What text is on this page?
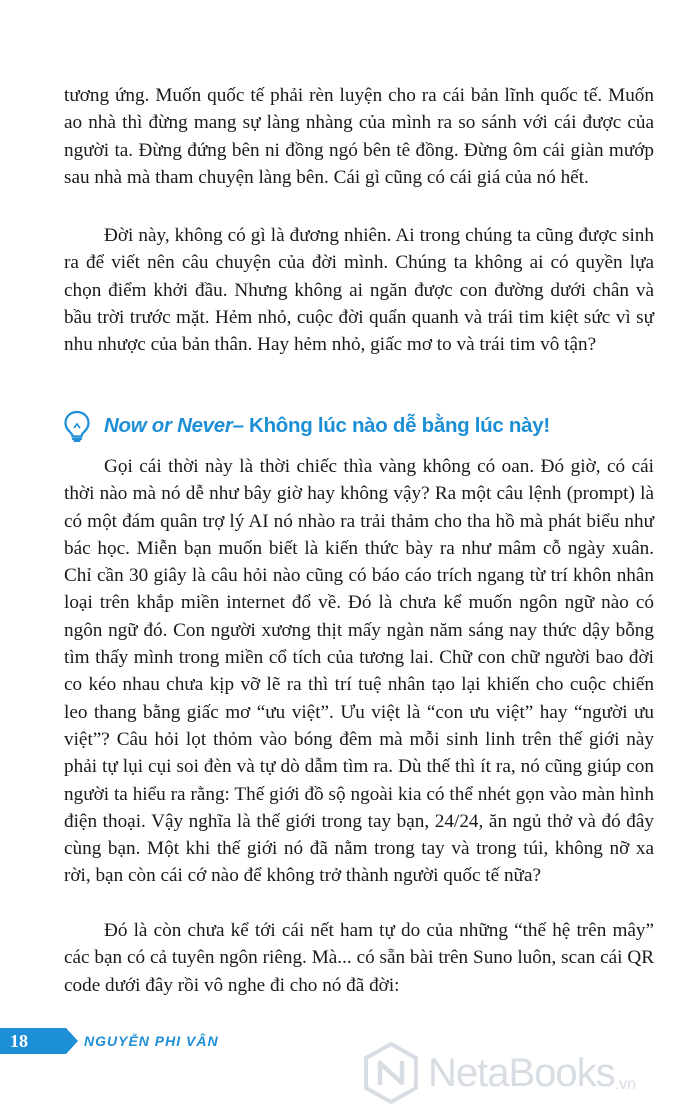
tương ứng. Muốn quốc tế phải rèn luyện cho ra cái bản lĩnh quốc tế. Muốn ao nhà thì đừng mang sự làng nhàng của mình ra so sánh với cái được của người ta. Đừng đứng bên ni đồng ngó bên tê đồng. Đừng ôm cái giàn mướp sau nhà mà tham chuyện làng bên. Cái gì cũng có cái giá của nó hết.

Đời này, không có gì là đương nhiên. Ai trong chúng ta cũng được sinh ra để viết nên câu chuyện của đời mình. Chúng ta không ai có quyền lựa chọn điểm khởi đầu. Nhưng không ai ngăn được con đường dưới chân và bầu trời trước mặt. Hẻm nhỏ, cuộc đời quẩn quanh và trái tim kiệt sức vì sự nhu nhược của bản thân. Hay hẻm nhỏ, giấc mơ to và trái tim vô tận?

Now or Never – Không lúc nào dễ bằng lúc này!

Gọi cái thời này là thời chiếc thìa vàng không có oan. Đó giờ, có cái thời nào mà nó dễ như bây giờ hay không vậy? Ra một câu lệnh (prompt) là có một đám quân trợ lý AI nó nhào ra trải thảm cho tha hồ mà phát biểu như bác học. Miễn bạn muốn biết là kiến thức bày ra như mâm cỗ ngày xuân. Chỉ cần 30 giây là câu hỏi nào cũng có báo cáo trích ngang từ trí khôn nhân loại trên khắp miền internet đổ về. Đó là chưa kể muốn ngôn ngữ nào có ngôn ngữ đó. Con người xương thịt mấy ngàn năm sáng nay thức dậy bỗng tìm thấy mình trong miền cổ tích của tương lai. Chữ con chữ người bao đời co kéo nhau chưa kịp vỡ lẽ ra thì trí tuệ nhân tạo lại khiến cho cuộc chiến leo thang bằng giấc mơ “ưu việt”. Ưu việt là “con ưu việt” hay “người ưu việt”? Câu hỏi lọt thỏm vào bóng đêm mà mỗi sinh linh trên thế giới này phải tự lụi cụi soi đèn và tự dò dẫm tìm ra. Dù thế thì ít ra, nó cũng giúp con người ta hiểu ra rằng: Thế giới đồ sộ ngoài kia có thể nhét gọn vào màn hình điện thoại. Vậy nghĩa là thế giới trong tay bạn, 24/24, ăn ngủ thở và đó đây cùng bạn. Một khi thế giới nó đã nằm trong tay và trong túi, không nỡ xa rời, bạn còn cái cớ nào để không trở thành người quốc tế nữa?

Đó là còn chưa kể tới cái nết ham tự do của những “thế hệ trên mây” các bạn có cả tuyên ngôn riêng. Mà... có sẵn bài trên Suno luôn, scan cái QR code dưới đây rồi vô nghe đi cho nó đã đời:

18	NGUYỄN PHI VÂN
NetaBooks .vn
